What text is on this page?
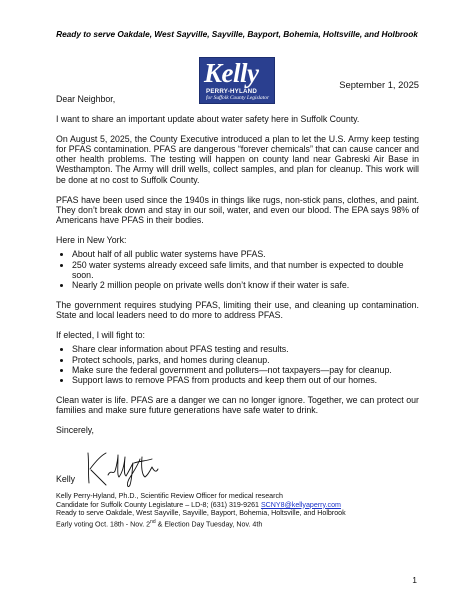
Ready to serve Oakdale, West Sayville, Sayville, Bayport, Bohemia, Holtsville, and Holbrook
Kelly
PERRY-HYLAND
for Suffolk County Legislator
September 1, 2025

Dear Neighbor,

I want to share an important update about water safety here in Suffolk County.

On August 5, 2025, the County Executive introduced a plan to let the U.S. Army keep testing for PFAS contamination. PFAS are dangerous “forever chemicals” that can cause cancer and other health problems. The testing will happen on county land near Gabreski Air Base in Westhampton. The Army will drill wells, collect samples, and plan for cleanup. This work will be done at no cost to Suffolk County.

PFAS have been used since the 1940s in things like rugs, non-stick pans, clothes, and paint. They don’t break down and stay in our soil, water, and even our blood. The EPA says 98% of Americans have PFAS in their bodies.

Here in New York:

• About half of all public water systems have PFAS.
• 250 water systems already exceed safe limits, and that number is expected to double soon.
• Nearly 2 million people on private wells don’t know if their water is safe.

The government requires studying PFAS, limiting their use, and cleaning up contamination. State and local leaders need to do more to address PFAS.

If elected, I will fight to:

• Share clear information about PFAS testing and results.
• Protect schools, parks, and homes during cleanup.
• Make sure the federal government and polluters—not taxpayers—pay for cleanup.
• Support laws to remove PFAS from products and keep them out of our homes.

Clean water is life. PFAS are a danger we can no longer ignore. Together, we can protect our families and make sure future generations have safe water to drink.

Sincerely,

Kelly
Kelly Perry-Hyland, Ph.D., Scientific Review Officer for medical research
Candidate for Suffolk County Legislature – LD-8; (631) 319-9261 SCNY8@kellyaperry.com
Ready to serve Oakdale, West Sayville, Sayville, Bayport, Bohemia, Holtsville, and Holbrook
Early voting Oct. 18th - Nov. 2nd & Election Day Tuesday, Nov. 4th
1
